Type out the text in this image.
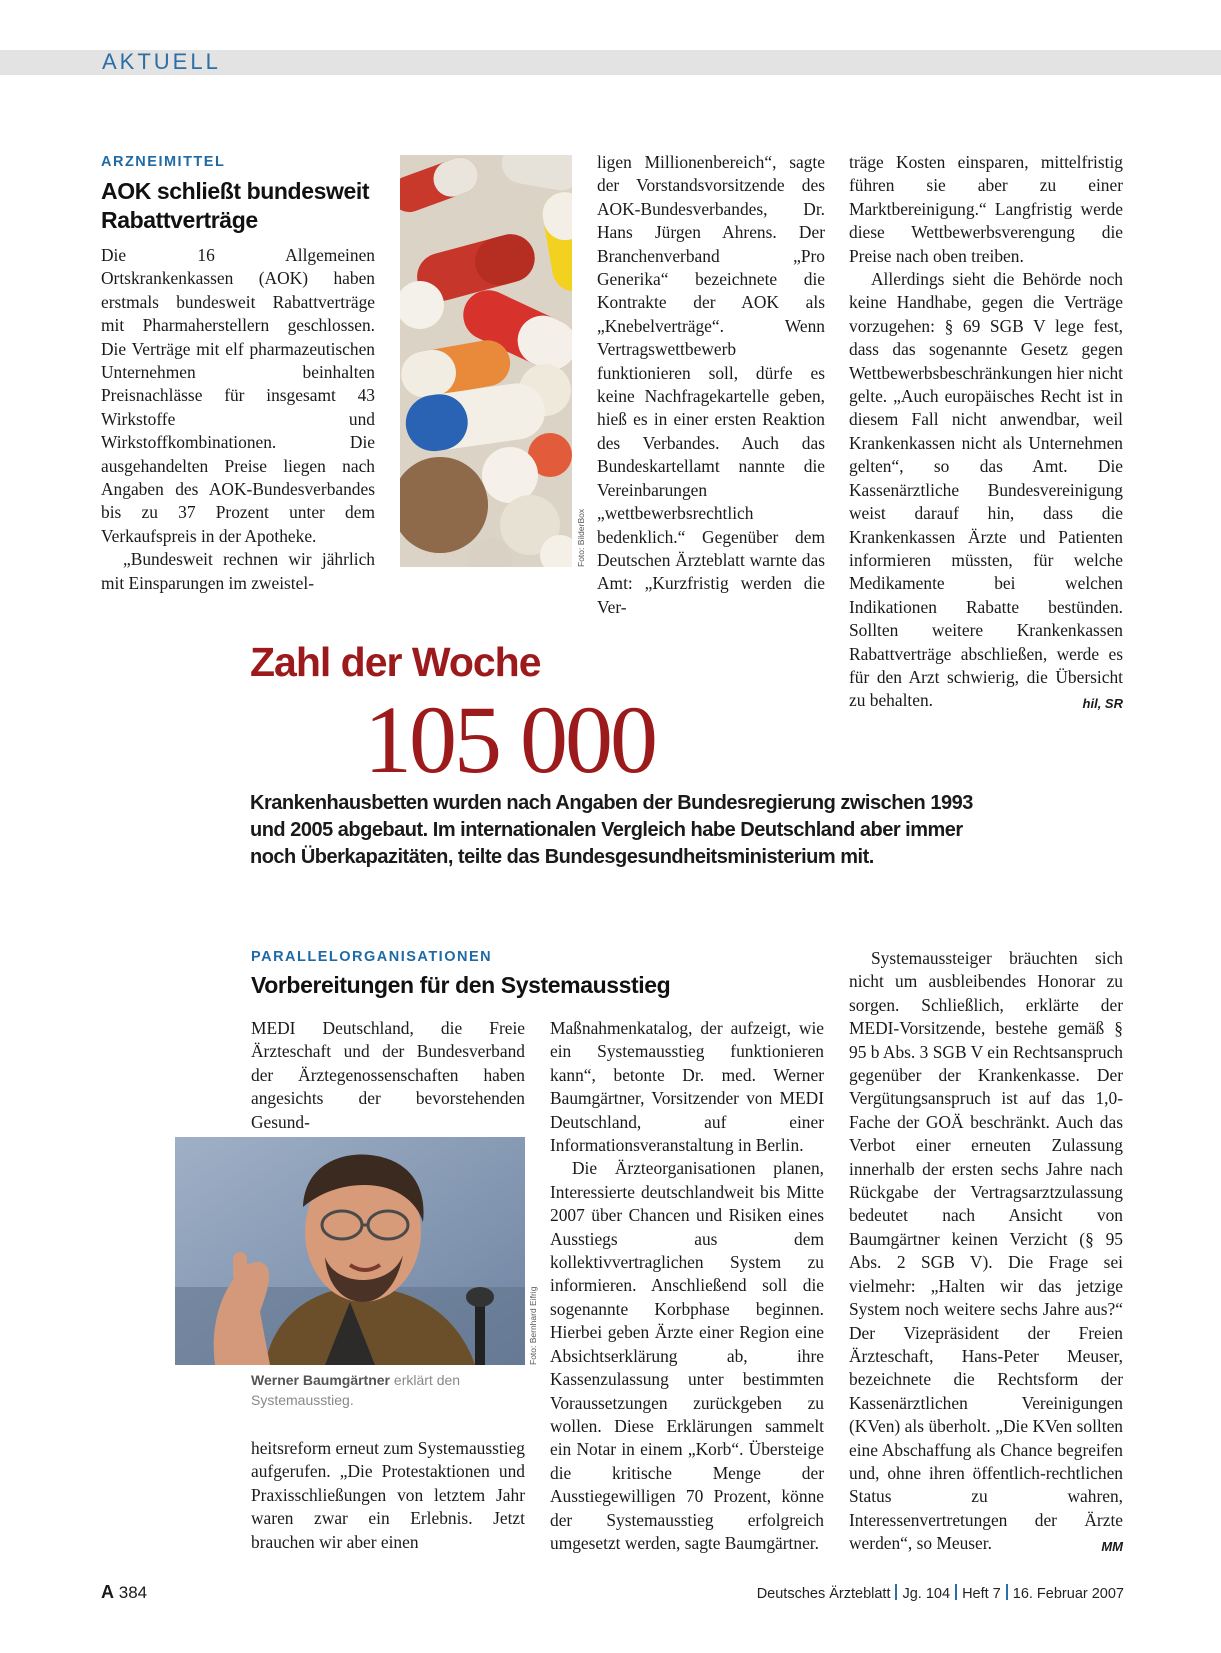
AKTUELL
ARZNEIMITTEL
AOK schließt bundesweit Rabattverträge

Die 16 Allgemeinen Ortskrankenkassen (AOK) haben erstmals bundesweit Rabattverträge mit Pharmaherstellern geschlossen. Die Verträge mit elf pharmazeutischen Unternehmen beinhalten Preisnachlässe für insgesamt 43 Wirkstoffe und Wirkstoffkombinationen. Die ausgehandelten Preise liegen nach Angaben des AOK-Bundesverbandes bis zu 37 Prozent unter dem Verkaufspreis in der Apotheke.

„Bundesweit rechnen wir jährlich mit Einsparungen im zweistel-

Foto: BilderBox

ligen Millionenbereich“, sagte der Vorstandsvorsitzende des AOK-Bundesverbandes, Dr. Hans Jürgen Ahrens. Der Branchenverband „Pro Generika“ bezeichnete die Kontrakte der AOK als „Knebelverträge“. Wenn Vertragswettbewerb funktionieren soll, dürfe es keine Nachfragekartelle geben, hieß es in einer ersten Reaktion des Verbandes. Auch das Bundeskartellamt nannte die Vereinbarungen „wettbewerbsrechtlich bedenklich.“ Gegenüber dem Deutschen Ärzteblatt warnte das Amt: „Kurzfristig werden die Ver-

träge Kosten einsparen, mittelfristig führen sie aber zu einer Marktbereinigung.“ Langfristig werde diese Wettbewerbsverengung die Preise nach oben treiben.

Allerdings sieht die Behörde noch keine Handhabe, gegen die Verträge vorzugehen: § 69 SGB V lege fest, dass das sogenannte Gesetz gegen Wettbewerbsbeschränkungen hier nicht gelte. „Auch europäisches Recht ist in diesem Fall nicht anwendbar, weil Krankenkassen nicht als Unternehmen gelten“, so das Amt. Die Kassenärztliche Bundesvereinigung weist darauf hin, dass die Krankenkassen Ärzte und Patienten informieren müssten, für welche Medikamente bei welchen Indikationen Rabatte bestünden. Sollten weitere Krankenkassen Rabattverträge abschließen, werde es für den Arzt schwierig, die Übersicht zu behalten.	hil, SR

Zahl der Woche
105 000
Krankenhausbetten wurden nach Angaben der Bundesregierung zwischen 1993 und 2005 abgebaut. Im internationalen Vergleich habe Deutschland aber immer noch Überkapazitäten, teilte das Bundesgesundheitsministerium mit.
PARALLELORGANISATIONEN
Vorbereitungen für den Systemausstieg

MEDI Deutschland, die Freie Ärzteschaft und der Bundesverband der Ärztegenossenschaften haben angesichts der bevorstehenden Gesund-

Foto: Bernhard Eifrig
Werner Baumgärtner erklärt den Systemausstieg.

heitsreform erneut zum Systemausstieg aufgerufen. „Die Protestaktionen und Praxisschließungen von letztem Jahr waren zwar ein Erlebnis. Jetzt brauchen wir aber einen

Maßnahmenkatalog, der aufzeigt, wie ein Systemausstieg funktionieren kann“, betonte Dr. med. Werner Baumgärtner, Vorsitzender von MEDI Deutschland, auf einer Informationsveranstaltung in Berlin.

Die Ärzteorganisationen planen, Interessierte deutschlandweit bis Mitte 2007 über Chancen und Risiken eines Ausstiegs aus dem kollektivvertraglichen System zu informieren. Anschließend soll die sogenannte Korbphase beginnen. Hierbei geben Ärzte einer Region eine Absichtserklärung ab, ihre Kassenzulassung unter bestimmten Voraussetzungen zurückgeben zu wollen. Diese Erklärungen sammelt ein Notar in einem „Korb“. Übersteige die kritische Menge der Ausstiegewilligen 70 Prozent, könne der Systemausstieg erfolgreich umgesetzt werden, sagte Baumgärtner.

Systemaussteiger bräuchten sich nicht um ausbleibendes Honorar zu sorgen. Schließlich, erklärte der MEDI-Vorsitzende, bestehe gemäß § 95 b Abs. 3 SGB V ein Rechtsanspruch gegenüber der Krankenkasse. Der Vergütungsanspruch ist auf das 1,0-Fache der GOÄ beschränkt. Auch das Verbot einer erneuten Zulassung innerhalb der ersten sechs Jahre nach Rückgabe der Vertragsarztzulassung bedeutet nach Ansicht von Baumgärtner keinen Verzicht (§ 95 Abs. 2 SGB V). Die Frage sei vielmehr: „Halten wir das jetzige System noch weitere sechs Jahre aus?“ Der Vizepräsident der Freien Ärzteschaft, Hans-Peter Meuser, bezeichnete die Rechtsform der Kassenärztlichen Vereinigungen (KVen) als überholt. „Die KVen sollten eine Abschaffung als Chance begreifen und, ohne ihren öffentlich-rechtlichen Status zu wahren, Interessenvertretungen der Ärzte werden“, so Meuser.	MM

A 384	Deutsches Ärzteblatt Jg. 104 Heft 7 16. Februar 2007
